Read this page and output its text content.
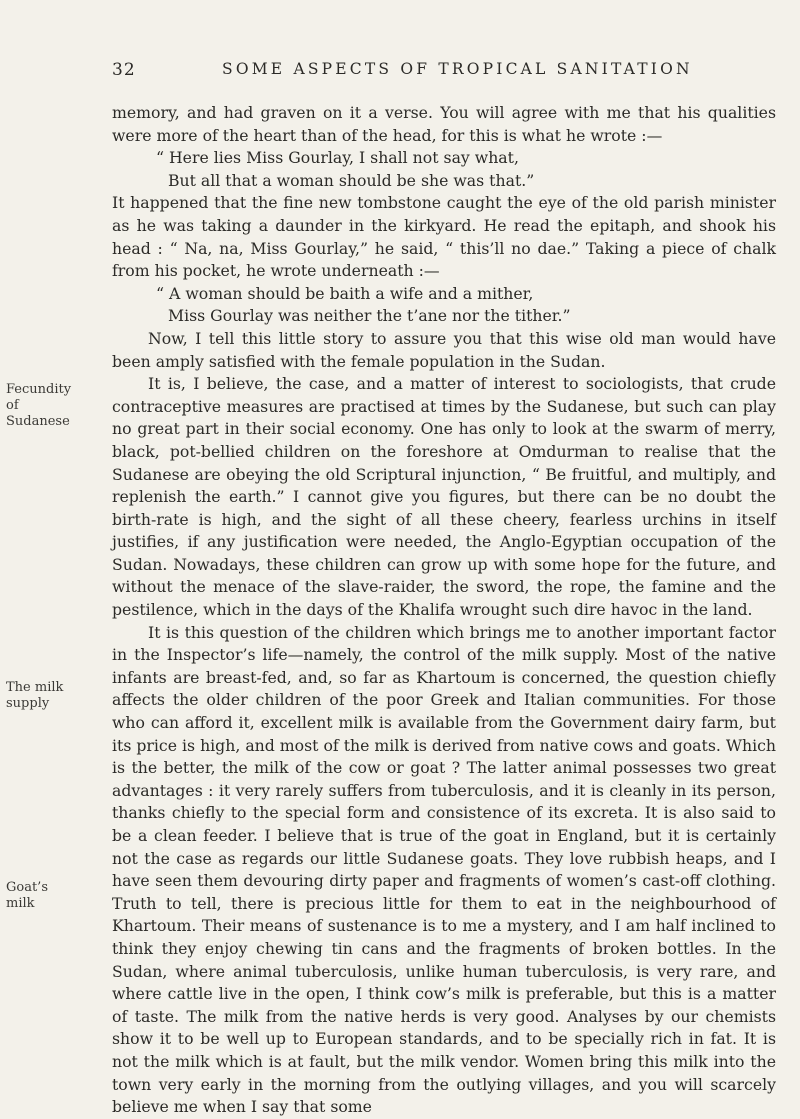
32	SOME ASPECTS OF TROPICAL SANITATION
Fecundity
of
Sudanese
The milk
supply
Goat’s
milk

memory, and had graven on it a verse. You will agree with me that his qualities were more of the heart than of the head, for this is what he wrote :—

“ Here lies Miss Gourlay, I shall not say what,
But all that a woman should be she was that.”

It happened that the fine new tombstone caught the eye of the old parish minister as he was taking a daunder in the kirkyard. He read the epitaph, and shook his head : “ Na, na, Miss Gourlay,” he said, “ this’ll no dae.” Taking a piece of chalk from his pocket, he wrote underneath :—

“ A woman should be baith a wife and a mither,
Miss Gourlay was neither the t’ane nor the tither.”

Now, I tell this little story to assure you that this wise old man would have been amply satisfied with the female population in the Sudan.

It is, I believe, the case, and a matter of interest to sociologists, that crude contraceptive measures are practised at times by the Sudanese, but such can play no great part in their social economy. One has only to look at the swarm of merry, black, pot-bellied children on the foreshore at Omdurman to realise that the Sudanese are obeying the old Scriptural injunction, “ Be fruitful, and multiply, and replenish the earth.” I cannot give you figures, but there can be no doubt the birth-rate is high, and the sight of all these cheery, fearless urchins in itself justifies, if any justification were needed, the Anglo-Egyptian occupation of the Sudan. Nowadays, these children can grow up with some hope for the future, and without the menace of the slave-raider, the sword, the rope, the famine and the pestilence, which in the days of the Khalifa wrought such dire havoc in the land.

It is this question of the children which brings me to another important factor in the Inspector’s life—namely, the control of the milk supply. Most of the native infants are breast-fed, and, so far as Khartoum is concerned, the question chiefly affects the older children of the poor Greek and Italian communities. For those who can afford it, excellent milk is available from the Government dairy farm, but its price is high, and most of the milk is derived from native cows and goats. Which is the better, the milk of the cow or goat ? The latter animal possesses two great advantages : it very rarely suffers from tuberculosis, and it is cleanly in its person, thanks chiefly to the special form and consistence of its excreta. It is also said to be a clean feeder. I believe that is true of the goat in England, but it is certainly not the case as regards our little Sudanese goats. They love rubbish heaps, and I have seen them devouring dirty paper and fragments of women’s cast-off clothing. Truth to tell, there is precious little for them to eat in the neighbourhood of Khartoum. Their means of sustenance is to me a mystery, and I am half inclined to think they enjoy chewing tin cans and the fragments of broken bottles. In the Sudan, where animal tuberculosis, unlike human tuberculosis, is very rare, and where cattle live in the open, I think cow’s milk is preferable, but this is a matter of taste. The milk from the native herds is very good. Analyses by our chemists show it to be well up to European standards, and to be specially rich in fat. It is not the milk which is at fault, but the milk vendor. Women bring this milk into the town very early in the morning from the outlying villages, and you will scarcely believe me when I say that some
